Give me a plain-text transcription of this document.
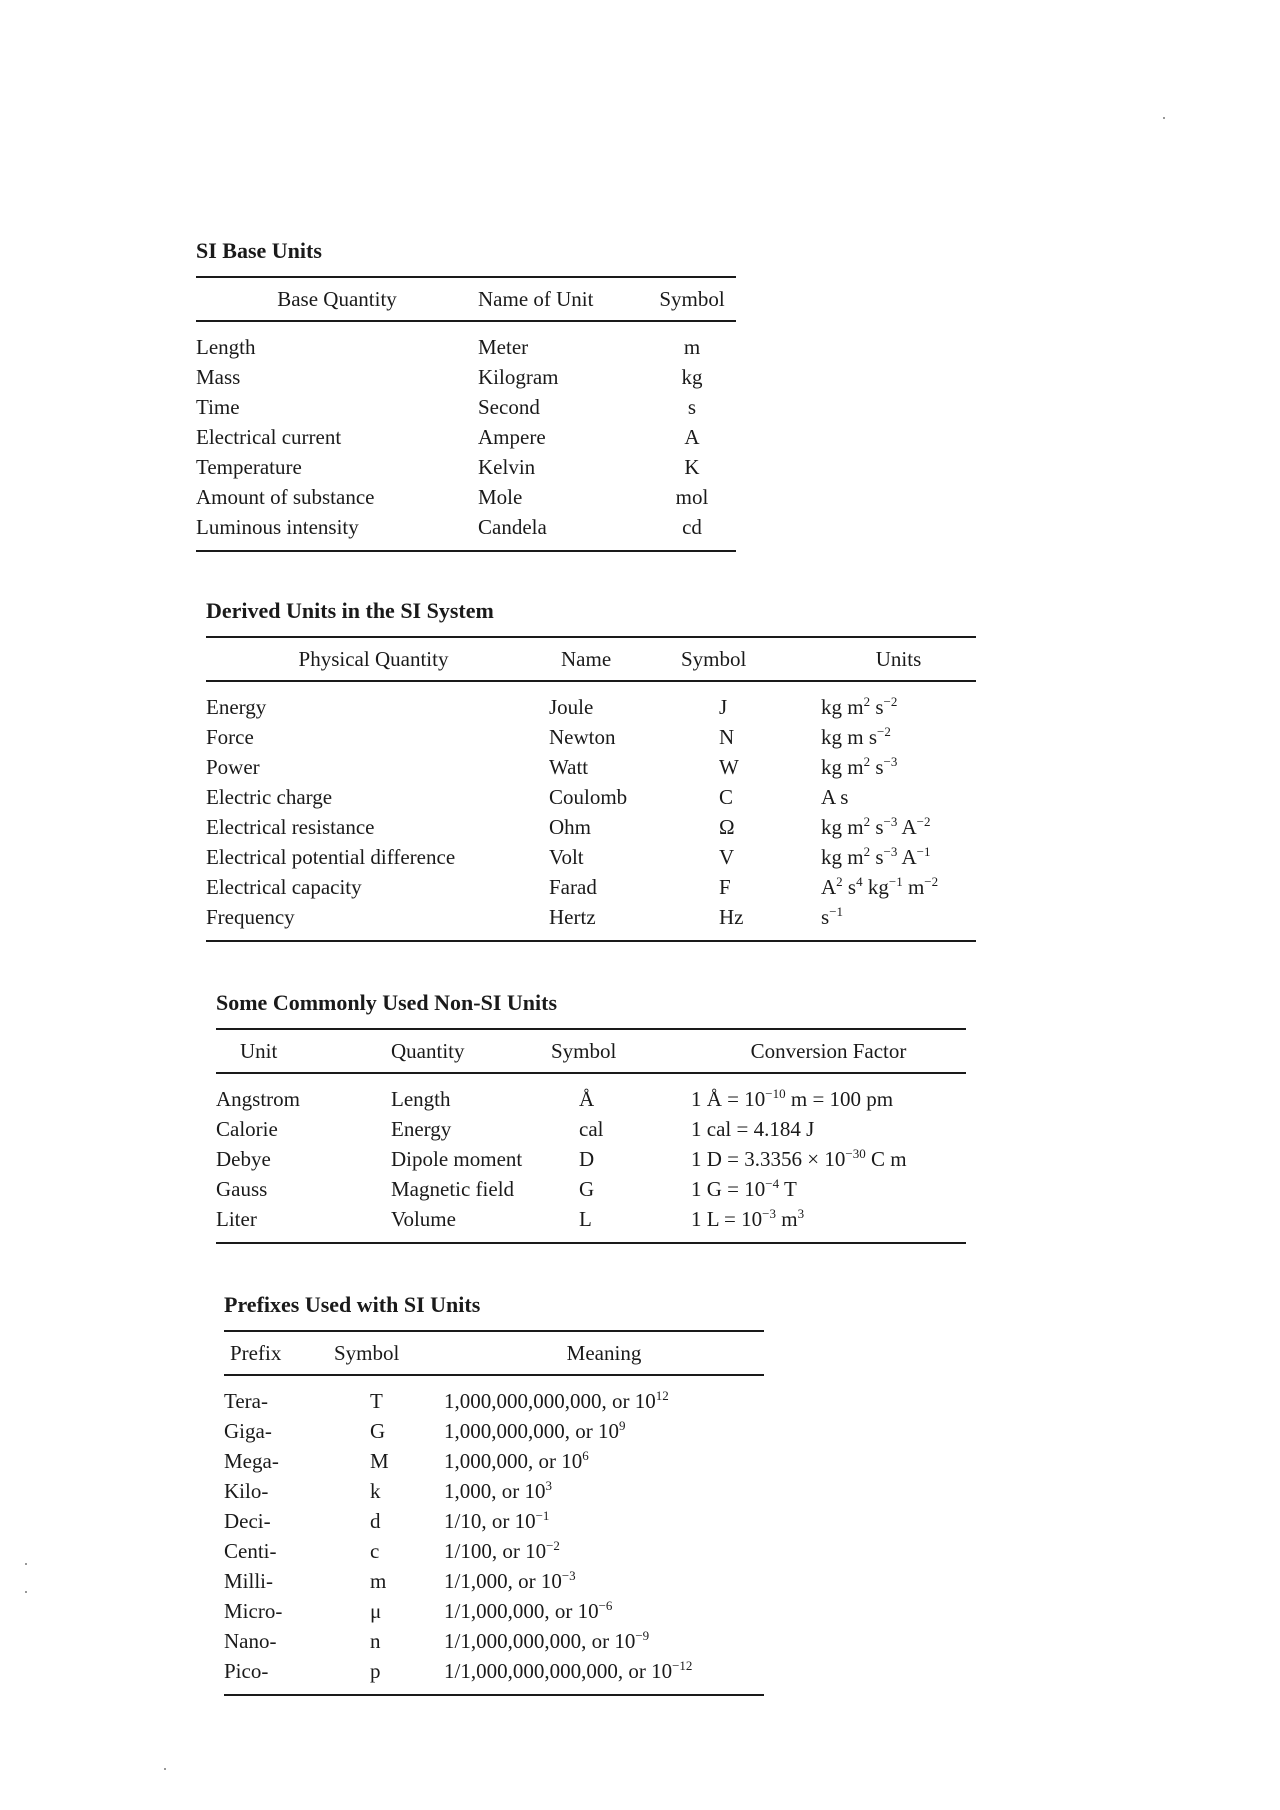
SI Base Units
Base Quantity	Name of Unit	Symbol
Length	Meter	m
Mass	Kilogram	kg
Time	Second	s
Electrical current	Ampere	A
Temperature	Kelvin	K
Amount of substance	Mole	mol
Luminous intensity	Candela	cd
Derived Units in the SI System
Physical Quantity	Name	Symbol	Units
Energy	Joule	J	kg $m^2$ $s^{-2}$
Force	Newton	N	kg m $s^{-2}$
Power	Watt	W	kg $m^2$ $s^{-3}$
Electric charge	Coulomb	C	A s
Electrical resistance	Ohm	Ω	kg $m^2$ $s^{-3}$ $A^{-2}$
Electrical potential difference	Volt	V	kg $m^2$ $s^{-3}$ $A^{-1}$
Electrical capacity	Farad	F	$A^2$ $s^4$ $kg^{-1}$ $m^{-2}$
Frequency	Hertz	Hz	$s^{-1}$
Some Commonly Used Non-SI Units
Unit	Quantity	Symbol	Conversion Factor
Angstrom	Length	Å	1 Å = $10^{-10}$ m = 100 pm
Calorie	Energy	cal	1 cal = 4.184 J
Debye	Dipole moment	D	1 $D = 3.3356 \times 10^{-30}$ C m
Gauss	Magnetic field	G	1 $G = 10^{-4}$ T
Liter	Volume	L	1 $L = 10^{-3}$ $m^3$
Prefixes Used with SI Units
Prefix	Symbol	Meaning
Tera-	T	1,000,000,000,000, or $10^{12}$
Giga-	G	1,000,000,000, or $10^9$
Mega-	M	1,000,000, or $10^6$
Kilo-	k	1,000, or $10^3$
Deci-	d	1/10, or $10^{-1}$
Centi-	c	1/100, or $10^{-2}$
Milli-	m	1/1,000, or $10^{-3}$
Micro-	μ	1/1,000,000, or $10^{-6}$
Nano-	n	1/1,000,000,000, or $10^{-9}$
Pico-	p	1/1,000,000,000,000, or $10^{-12}$
